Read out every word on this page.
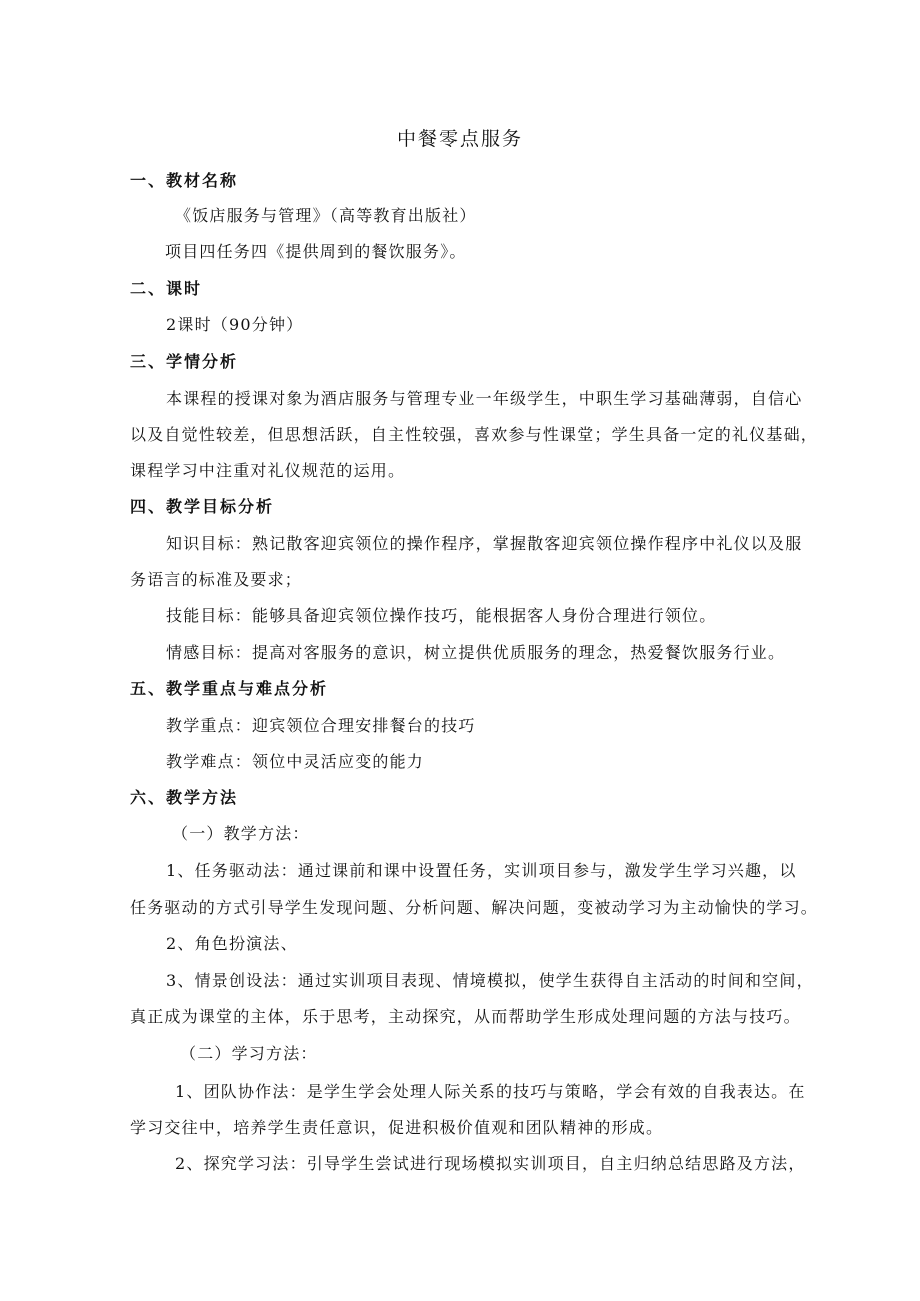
中餐零点服务

一、教材名称

《饭店服务与管理》（高等教育出版社）

项目四任务四《提供周到的餐饮服务》。

二、课时

2课时（90分钟）

三、学情分析

本课程的授课对象为酒店服务与管理专业一年级学生，中职生学习基础薄弱，自信心

以及自觉性较差，但思想活跃，自主性较强，喜欢参与性课堂；学生具备一定的礼仪基础，

课程学习中注重对礼仪规范的运用。

四、教学目标分析

知识目标：熟记散客迎宾领位的操作程序，掌握散客迎宾领位操作程序中礼仪以及服

务语言的标准及要求；

技能目标：能够具备迎宾领位操作技巧，能根据客人身份合理进行领位。

情感目标：提高对客服务的意识，树立提供优质服务的理念，热爱餐饮服务行业。

五、教学重点与难点分析

教学重点：迎宾领位合理安排餐台的技巧

教学难点：领位中灵活应变的能力

六、教学方法

（一）教学方法：

1、任务驱动法：通过课前和课中设置任务，实训项目参与，激发学生学习兴趣，以

任务驱动的方式引导学生发现问题、分析问题、解决问题，变被动学习为主动愉快的学习。

2、角色扮演法、

3、情景创设法：通过实训项目表现、情境模拟，使学生获得自主活动的时间和空间，

真正成为课堂的主体，乐于思考，主动探究，从而帮助学生形成处理问题的方法与技巧。

（二）学习方法：

1、团队协作法：是学生学会处理人际关系的技巧与策略，学会有效的自我表达。在

学习交往中，培养学生责任意识，促进积极价值观和团队精神的形成。

2、探究学习法：引导学生尝试进行现场模拟实训项目，自主归纳总结思路及方法，
